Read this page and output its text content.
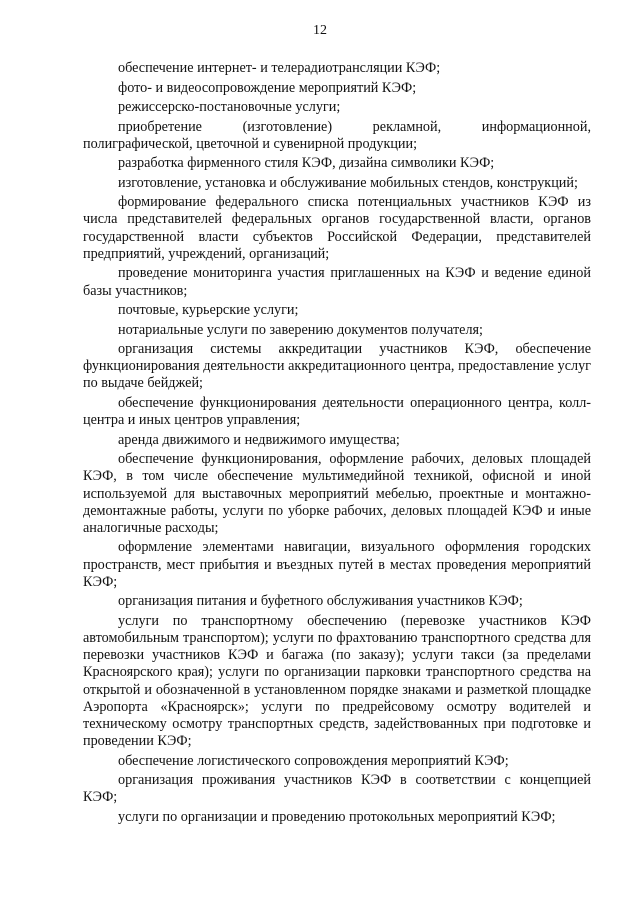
12

обеспечение интернет- и телерадиотрансляции КЭФ;

фото- и видеосопровождение мероприятий КЭФ;

режиссерско-постановочные услуги;

приобретение (изготовление) рекламной, информационной, полиграфической, цветочной и сувенирной продукции;

разработка фирменного стиля КЭФ, дизайна символики КЭФ;

изготовление, установка и обслуживание мобильных стендов, конструкций;

формирование федерального списка потенциальных участников КЭФ из числа представителей федеральных органов государственной власти, органов государственной власти субъектов Российской Федерации, представителей предприятий, учреждений, организаций;

проведение мониторинга участия приглашенных на КЭФ и ведение единой базы участников;

почтовые, курьерские услуги;

нотариальные услуги по заверению документов получателя;

организация системы аккредитации участников КЭФ, обеспечение функционирования деятельности аккредитационного центра, предоставление услуг по выдаче бейджей;

обеспечение функционирования деятельности операционного центра, колл-центра и иных центров управления;

аренда движимого и недвижимого имущества;

обеспечение функционирования, оформление рабочих, деловых площадей КЭФ, в том числе обеспечение мультимедийной техникой, офисной и иной используемой для выставочных мероприятий мебелью, проектные и монтажно-демонтажные работы, услуги по уборке рабочих, деловых площадей КЭФ и иные аналогичные расходы;

оформление элементами навигации, визуального оформления городских пространств, мест прибытия и въездных путей в местах проведения мероприятий КЭФ;

организация питания и буфетного обслуживания участников КЭФ;

услуги по транспортному обеспечению (перевозке участников КЭФ автомобильным транспортом); услуги по фрахтованию транспортного средства для перевозки участников КЭФ и багажа (по заказу); услуги такси (за пределами Красноярского края); услуги по организации парковки транспортного средства на открытой и обозначенной в установленном порядке знаками и разметкой площадке Аэропорта «Красноярск»; услуги по предрейсовому осмотру водителей и техническому осмотру транспортных средств, задействованных при подготовке и проведении КЭФ;

обеспечение логистического сопровождения мероприятий КЭФ;

организация проживания участников КЭФ в соответствии с концепцией КЭФ;

услуги по организации и проведению протокольных мероприятий КЭФ;
